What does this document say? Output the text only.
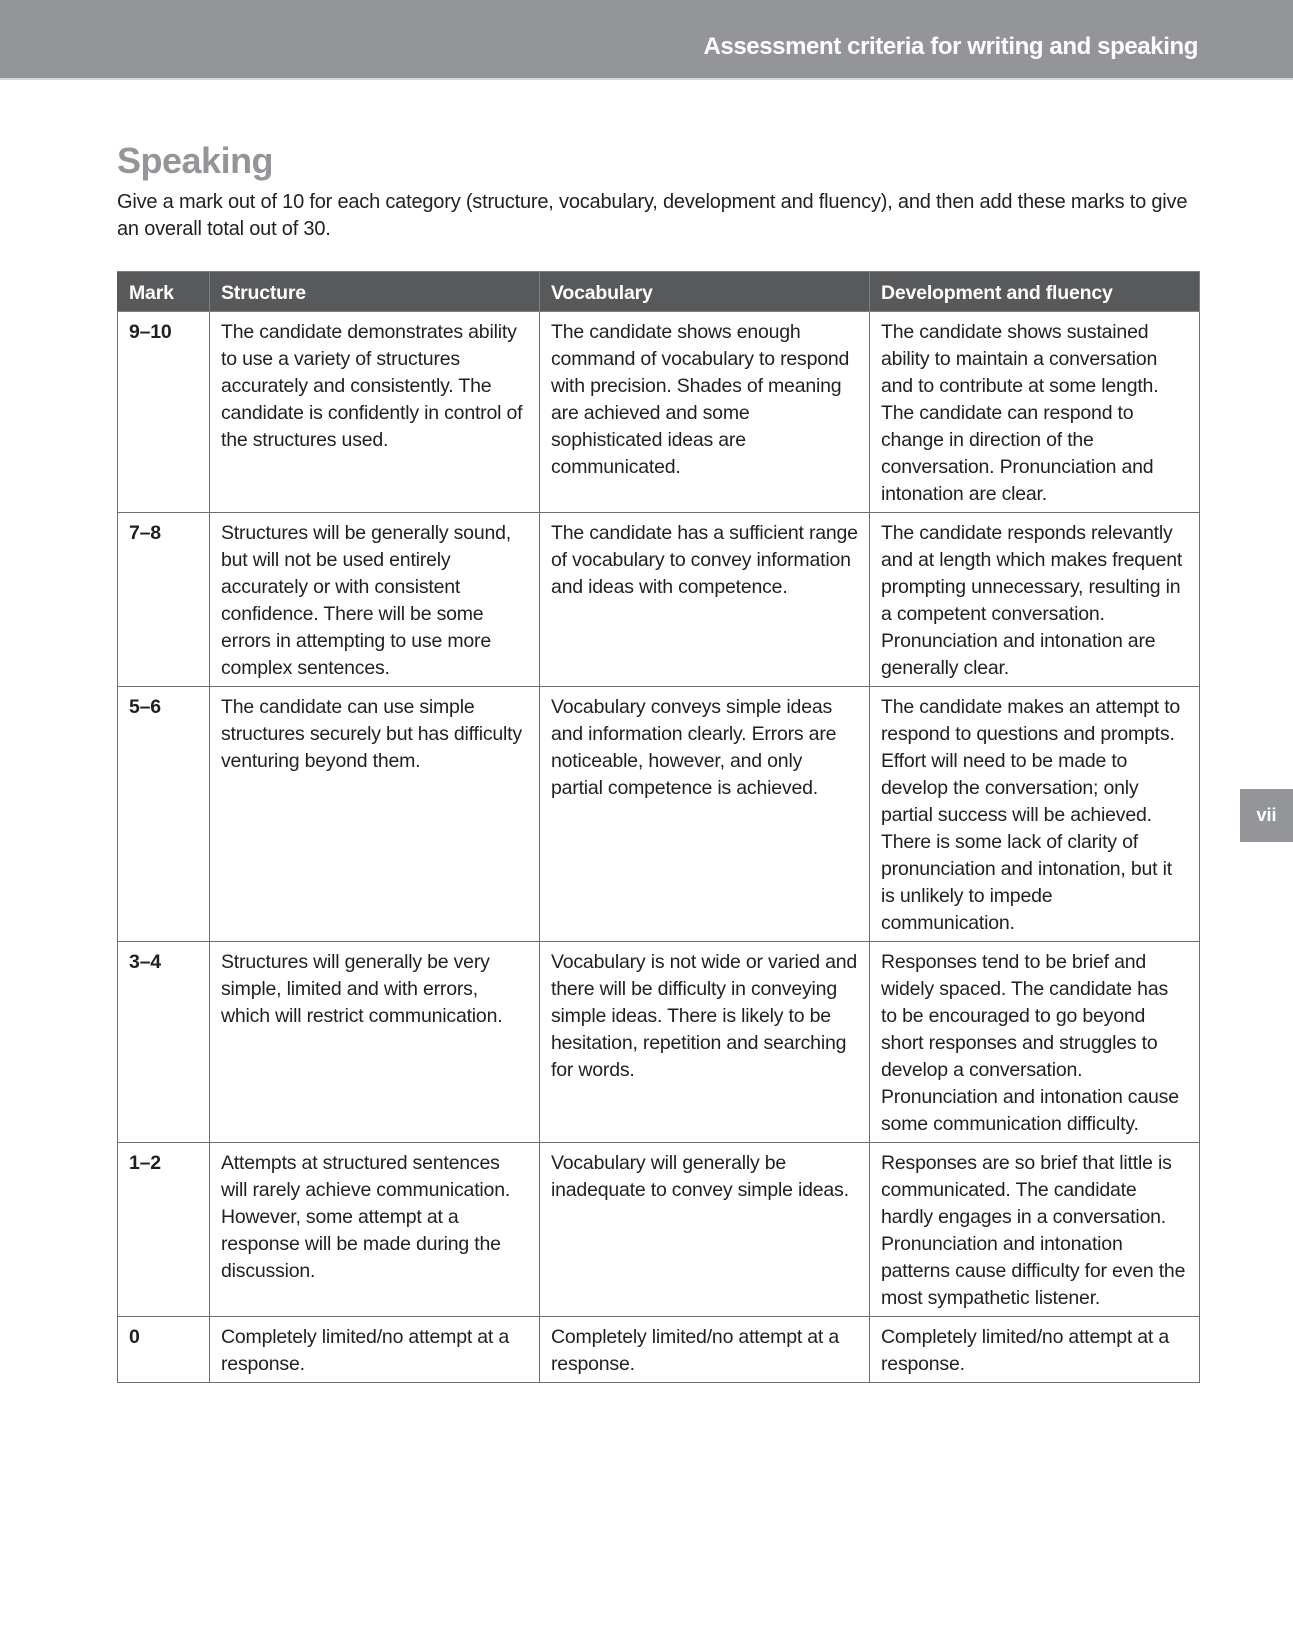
Assessment criteria for writing and speaking
Speaking

Give a mark out of 10 for each category (structure, vocabulary, development and fluency), and then add these marks to give an overall total out of 30.

Mark	Structure	Vocabulary	Development and fluency
9–10	The candidate demonstrates ability to use a variety of structures accurately and consistently. The candidate is confidently in control of the structures used.	The candidate shows enough command of vocabulary to respond with precision. Shades of meaning are achieved and some sophisticated ideas are communicated.	The candidate shows sustained ability to maintain a conversation and to contribute at some length. The candidate can respond to change in direction of the conversation. Pronunciation and intonation are clear.
7–8	Structures will be generally sound, but will not be used entirely accurately or with consistent confidence. There will be some errors in attempting to use more complex sentences.	The candidate has a sufficient range of vocabulary to convey information and ideas with competence.	The candidate responds relevantly and at length which makes frequent prompting unnecessary, resulting in a competent conversation. Pronunciation and intonation are generally clear.
5–6	The candidate can use simple structures securely but has difficulty venturing beyond them.	Vocabulary conveys simple ideas and information clearly. Errors are noticeable, however, and only partial competence is achieved.	The candidate makes an attempt to respond to questions and prompts. Effort will need to be made to develop the conversation; only partial success will be achieved. There is some lack of clarity of pronunciation and intonation, but it is unlikely to impede communication.
3–4	Structures will generally be very simple, limited and with errors, which will restrict communication.	Vocabulary is not wide or varied and there will be difficulty in conveying simple ideas. There is likely to be hesitation, repetition and searching for words.	Responses tend to be brief and widely spaced. The candidate has to be encouraged to go beyond short responses and struggles to develop a conversation. Pronunciation and intonation cause some communication difficulty.
1–2	Attempts at structured sentences will rarely achieve communication. However, some attempt at a response will be made during the discussion.	Vocabulary will generally be inadequate to convey simple ideas.	Responses are so brief that little is communicated. The candidate hardly engages in a conversation. Pronunciation and intonation patterns cause difficulty for even the most sympathetic listener.
0	Completely limited/no attempt at a response.	Completely limited/no attempt at a response.	Completely limited/no attempt at a response.
vii
